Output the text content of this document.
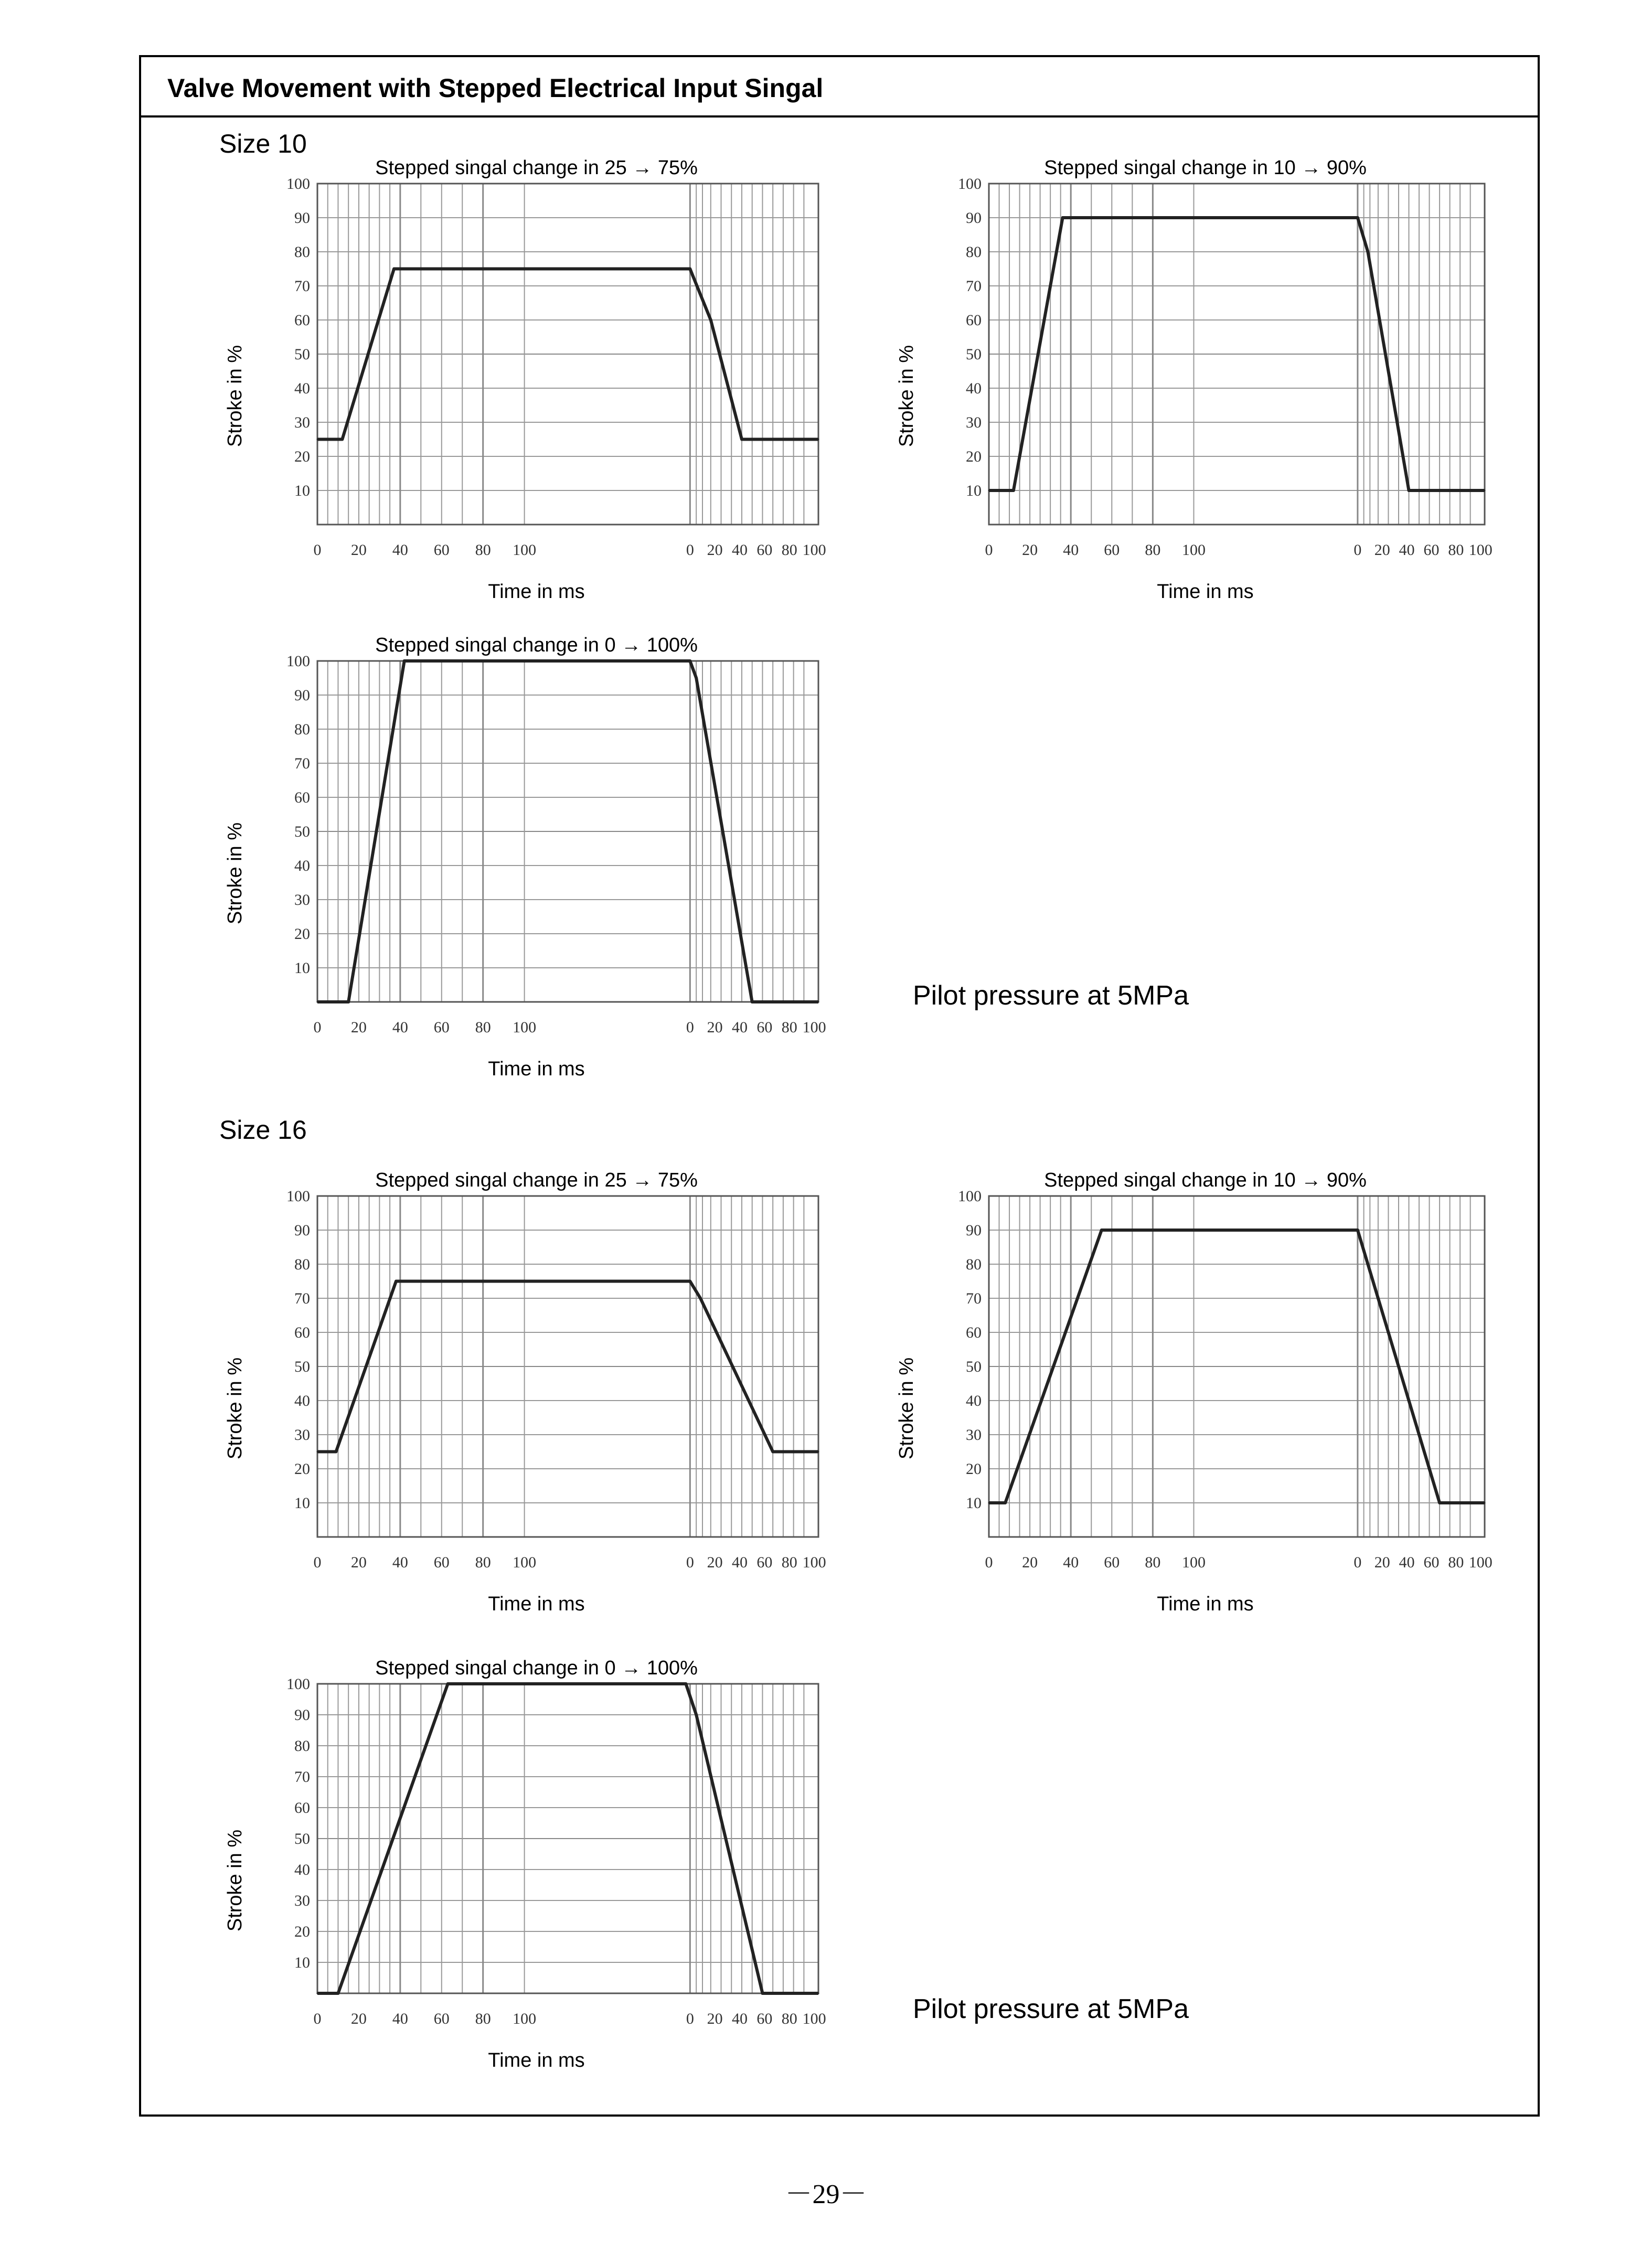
Valve Movement with Stepped Electrical Input Singal
Size 10
Size 16
Pilot pressure at 5MPa
Pilot pressure at 5MPa
Stepped singal change in 25 → 75%
10
20
30
40
50
60
70
80
90
100
0 20 40 60 80 100	0 20 40 60 80 100
Time in ms
Stroke in %
Stepped singal change in 10 → 90%
10
20
30
40
50
60
70
80
90
100
0 20 40 60 80 100	0 20 40 60 80 100
Time in ms
Stroke in %
Stepped singal change in 0 → 100%
10
20
30
40
50
60
70
80
90
100
0 20 40 60 80 100	0 20 40 60 80 100
Time in ms
Stroke in %
Stepped singal change in 25 → 75%
10
20
30
40
50
60
70
80
90
100
0 20 40 60 80 100	0 20 40 60 80 100
Time in ms
Stroke in %
Stepped singal change in 10 → 90%
10
20
30
40
50
60
70
80
90
100
0 20 40 60 80 100	0 20 40 60 80 100
Time in ms
Stroke in %
Stepped singal change in 0 → 100%
10
20
30
40
50
60
70
80
90
100
0 20 40 60 80 100	0 20 40 60 80 100
Time in ms
Stroke in %
－29－
